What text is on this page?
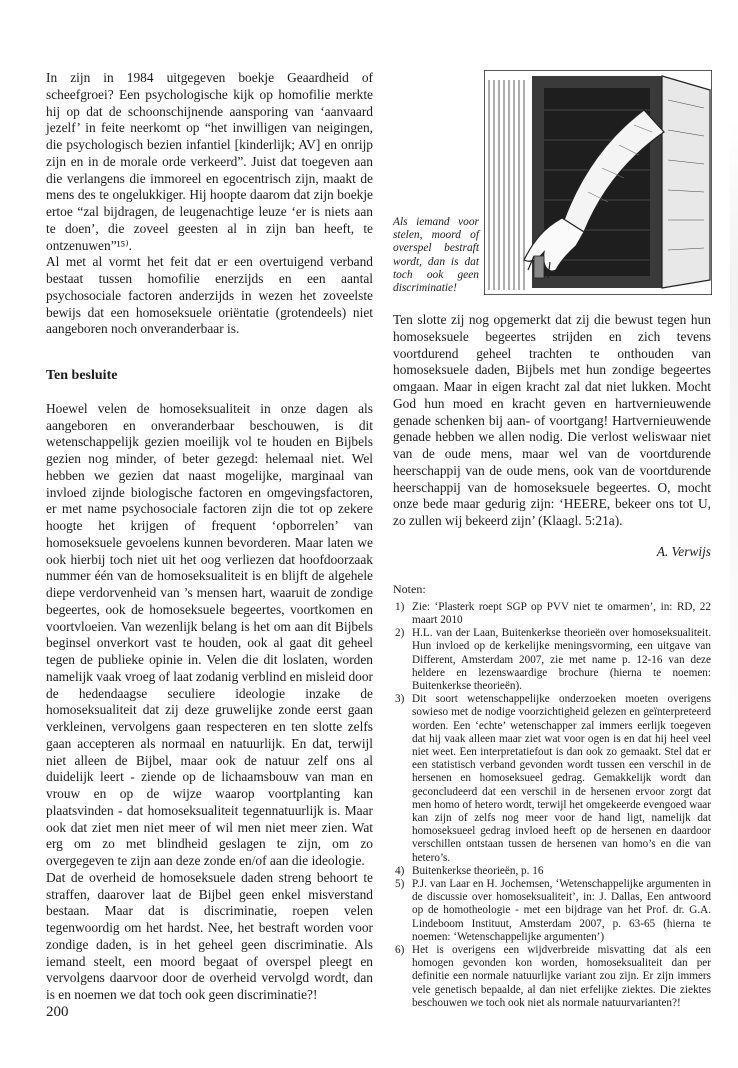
In zijn in 1984 uitgegeven boekje Geaardheid of scheefgroei? Een psychologische kijk op homofilie merkte hij op dat de schoonschijnende aansporing van ‘aanvaard jezelf’ in feite neerkomt op “het inwilligen van neigingen, die psychologisch bezien infantiel [kinderlijk; AV] en onrijp zijn en in de morale orde verkeerd”. Juist dat toegeven aan die verlangens die immoreel en egocentrisch zijn, maakt de mens des te ongelukkiger. Hij hoopte daarom dat zijn boekje ertoe “zal bijdragen, de leugenachtige leuze ‘er is niets aan te doen’, die zoveel geesten al in zijn ban heeft, te ontzenuwen”¹⁵⁾.

Al met al vormt het feit dat er een overtuigend verband bestaat tussen homofilie enerzijds en een aantal psychosociale factoren anderzijds in wezen het zoveelste bewijs dat een homoseksuele oriëntatie (grotendeels) niet aangeboren noch onveranderbaar is.

Ten besluite

Hoewel velen de homoseksualiteit in onze dagen als aangeboren en onveranderbaar beschouwen, is dit wetenschappelijk gezien moeilijk vol te houden en Bijbels gezien nog minder, of beter gezegd: helemaal niet. Wel hebben we gezien dat naast mogelijke, marginaal van invloed zijnde biologische factoren en omgevingsfactoren, er met name psychosociale factoren zijn die tot op zekere hoogte het krijgen of frequent ‘opborrelen’ van homoseksuele gevoelens kunnen bevorderen. Maar laten we ook hierbij toch niet uit het oog verliezen dat hoofdoorzaak nummer één van de homoseksualiteit is en blijft de algehele diepe verdorvenheid van ’s mensen hart, waaruit de zondige begeertes, ook de homoseksuele begeertes, voortkomen en voortvloeien. Van wezenlijk belang is het om aan dit Bijbels beginsel onverkort vast te houden, ook al gaat dit geheel tegen de publieke opinie in. Velen die dit loslaten, worden namelijk vaak vroeg of laat zodanig verblind en misleid door de hedendaagse seculiere ideologie inzake de homoseksualiteit dat zij deze gruwelijke zonde eerst gaan verkleinen, vervolgens gaan respecteren en ten slotte zelfs gaan accepteren als normaal en natuurlijk. En dat, terwijl niet alleen de Bijbel, maar ook de natuur zelf ons al duidelijk leert - ziende op de lichaamsbouw van man en vrouw en op de wijze waarop voortplanting kan plaatsvinden - dat homoseksualiteit tegennatuurlijk is. Maar ook dat ziet men niet meer of wil men niet meer zien. Wat erg om zo met blindheid geslagen te zijn, om zo overgegeven te zijn aan deze zonde en/of aan die ideologie.

Dat de overheid de homoseksuele daden streng behoort te straffen, daarover laat de Bijbel geen enkel misverstand bestaan. Maar dat is discriminatie, roepen velen tegenwoordig om het hardst. Nee, het bestraft worden voor zondige daden, is in het geheel geen discriminatie. Als iemand steelt, een moord begaat of overspel pleegt en vervolgens daarvoor door de overheid vervolgd wordt, dan is en noemen we dat toch ook geen discriminatie?!

Als iemand voor stelen, moord of overspel bestraft wordt, dan is dat toch ook geen discriminatie!

Ten slotte zij nog opgemerkt dat zij die bewust tegen hun homoseksuele begeertes strijden en zich tevens voortdurend geheel trachten te onthouden van homoseksuele daden, Bijbels met hun zondige begeertes omgaan. Maar in eigen kracht zal dat niet lukken. Mocht God hun moed en kracht geven en hartvernieuwende genade schenken bij aan- of voortgang! Hartvernieuwende genade hebben we allen nodig. Die verlost weliswaar niet van de oude mens, maar wel van de voortdurende heerschappij van de oude mens, ook van de voortdurende heerschappij van de homoseksuele begeertes. O, mocht onze bede maar gedurig zijn: ‘HEERE, bekeer ons tot U, zo zullen wij bekeerd zijn’ (Klaagl. 5:21a).

A. Verwijs
Noten:
1) Zie: ‘Plasterk roept SGP op PVV niet te omarmen’, in: RD, 22 maart 2010
2) H.L. van der Laan, Buitenkerkse theorieën over homoseksualiteit. Hun invloed op de kerkelijke meningsvorming, een uitgave van Different, Amsterdam 2007, zie met name p. 12-16 van deze heldere en lezenswaardige brochure (hierna te noemen: Buitenkerkse theorieën).
3) Dit soort wetenschappelijke onderzoeken moeten overigens sowieso met de nodige voorzichtigheid gelezen en geïnterpreteerd worden. Een ‘echte’ wetenschapper zal immers eerlijk toegeven dat hij vaak alleen maar ziet wat voor ogen is en dat hij heel veel niet weet. Een interpretatiefout is dan ook zo gemaakt. Stel dat er een statistisch verband gevonden wordt tussen een verschil in de hersenen en homoseksueel gedrag. Gemakkelijk wordt dan geconcludeerd dat een verschil in de hersenen ervoor zorgt dat men homo of hetero wordt, terwijl het omgekeerde evengoed waar kan zijn of zelfs nog meer voor de hand ligt, namelijk dat homoseksueel gedrag invloed heeft op de hersenen en daardoor verschillen ontstaan tussen de hersenen van homo’s en die van hetero’s.
4) Buitenkerkse theorieën, p. 16
5) P.J. van Laar en H. Jochemsen, ‘Wetenschappelijke argumenten in de discussie over homoseksualiteit’, in: J. Dallas, Een antwoord op de homotheologie - met een bijdrage van het Prof. dr. G.A. Lindeboom Instituut, Amsterdam 2007, p. 63-65 (hierna te noemen: ‘Wetenschappelijke argumenten’)
6) Het is overigens een wijdverbreide misvatting dat als een homogen gevonden kon worden, homoseksualiteit dan per definitie een normale natuurlijke variant zou zijn. Er zijn immers vele genetisch bepaalde, al dan niet erfelijke ziektes. Die ziektes beschouwen we toch ook niet als normale natuurvarianten?!
200
